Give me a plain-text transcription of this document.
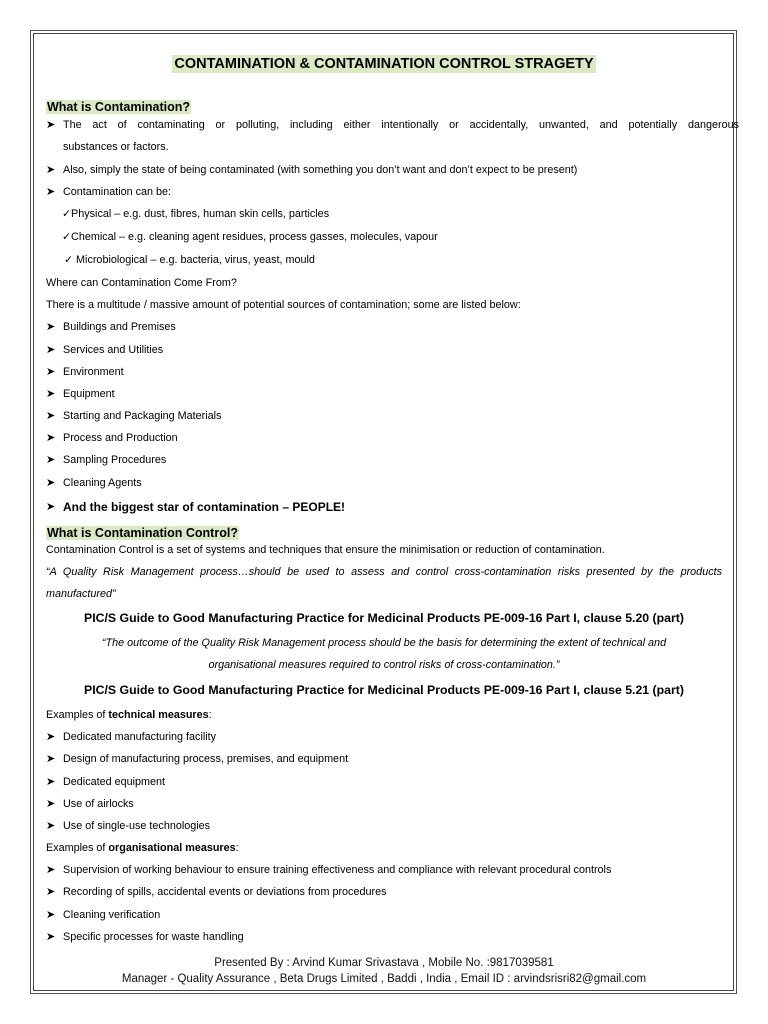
CONTAMINATION & CONTAMINATION CONTROL STRAGETY
What is Contamination?
➤ The act of contaminating or polluting, including either intentionally or accidentally, unwanted, and potentially dangerous
substances or factors.
➤ Also, simply the state of being contaminated (with something you don’t want and don’t expect to be present)
➤ Contamination can be:
✓Physical – e.g. dust, fibres, human skin cells, particles
✓Chemical – e.g. cleaning agent residues, process gasses, molecules, vapour
✓ Microbiological – e.g. bacteria, virus, yeast, mould
Where can Contamination Come From?
There is a multitude / massive amount of potential sources of contamination; some are listed below:
➤ Buildings and Premises
➤ Services and Utilities
➤ Environment
➤ Equipment
➤ Starting and Packaging Materials
➤ Process and Production
➤ Sampling Procedures
➤ Cleaning Agents
➤ And the biggest star of contamination – PEOPLE!
What is Contamination Control?
Contamination Control is a set of systems and techniques that ensure the minimisation or reduction of contamination.
“A Quality Risk Management process…should be used to assess and control cross-contamination risks presented by the products
manufactured”
PIC/S Guide to Good Manufacturing Practice for Medicinal Products PE-009-16 Part I, clause 5.20 (part)
“The outcome of the Quality Risk Management process should be the basis for determining the extent of technical and
organisational measures required to control risks of cross-contamination.”
PIC/S Guide to Good Manufacturing Practice for Medicinal Products PE-009-16 Part I, clause 5.21 (part)
Examples of technical measures:
➤ Dedicated manufacturing facility
➤ Design of manufacturing process, premises, and equipment
➤ Dedicated equipment
➤ Use of airlocks
➤ Use of single-use technologies
Examples of organisational measures:
➤ Supervision of working behaviour to ensure training effectiveness and compliance with relevant procedural controls
➤ Recording of spills, accidental events or deviations from procedures
➤ Cleaning verification
➤ Specific processes for waste handling
Presented By : Arvind Kumar Srivastava , Mobile No. :9817039581
Manager - Quality Assurance , Beta Drugs Limited , Baddi , India , Email ID : arvindsrisri82@gmail.com
